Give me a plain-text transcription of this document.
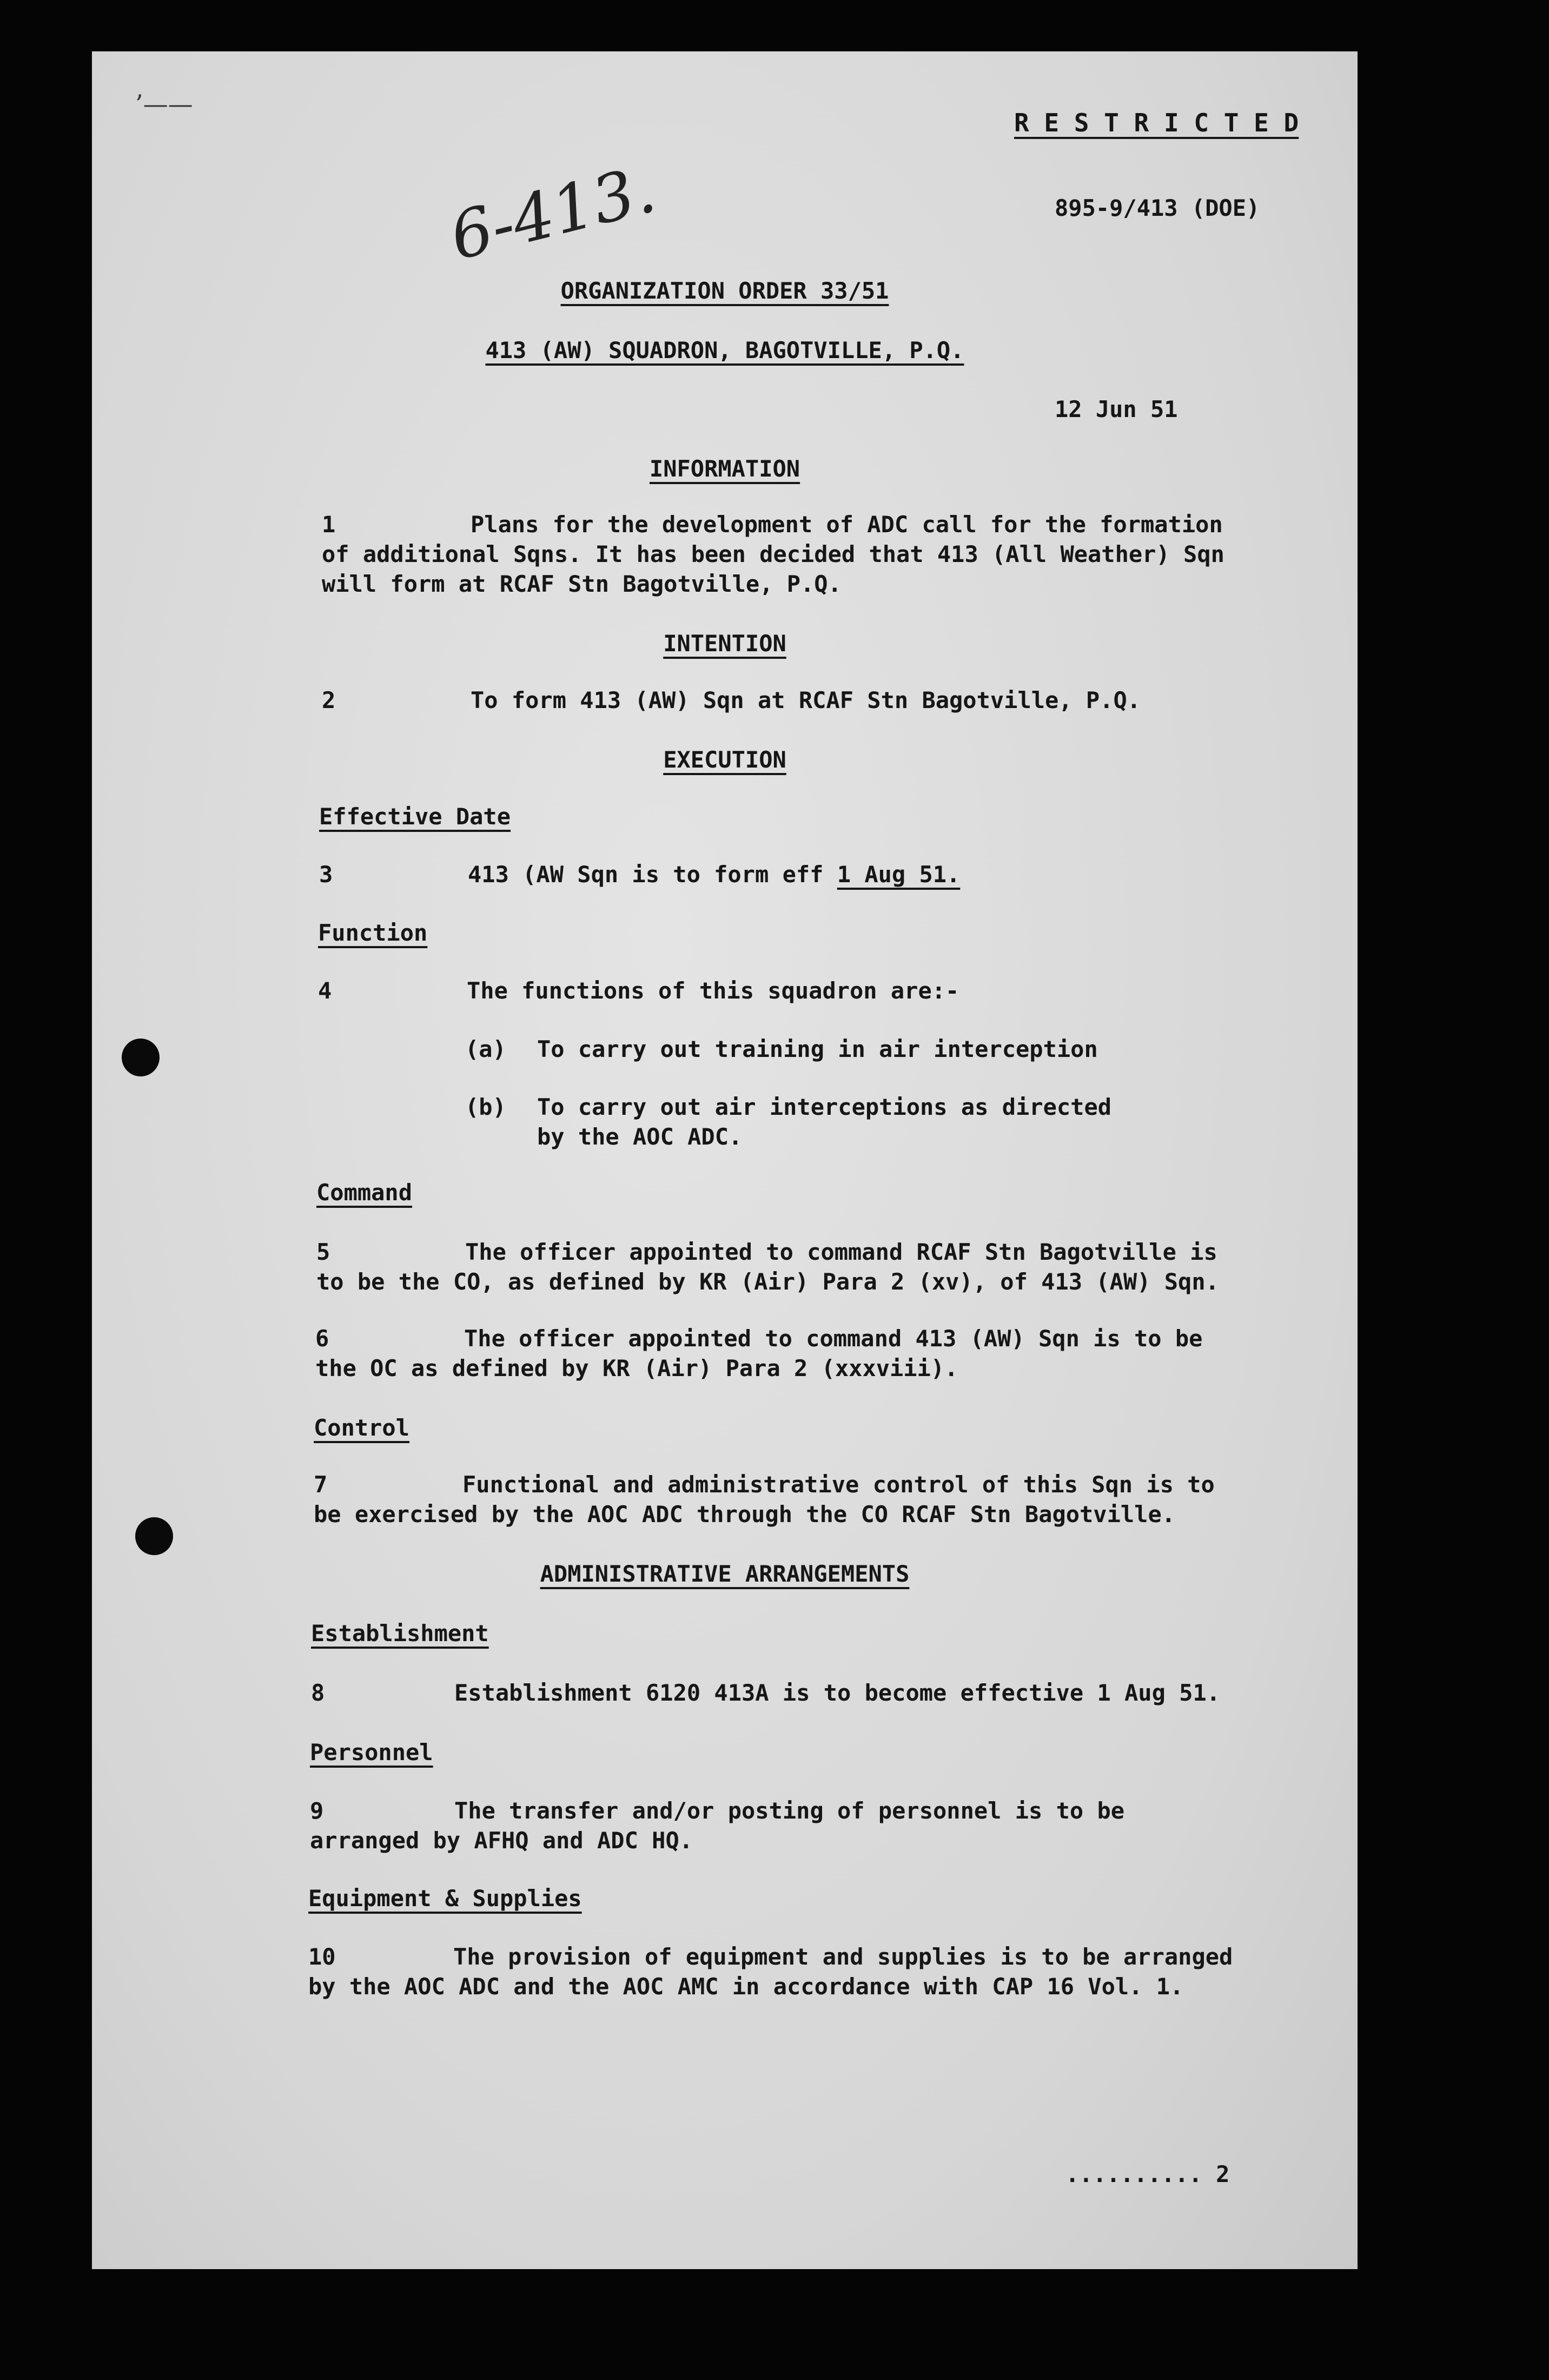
’——
6-413.
R E S T R I C T E D
895-9/413 (DOE)
ORGANIZATION ORDER 33/51
413 (AW) SQUADRON, BAGOTVILLE, P.Q.
12 Jun 51
INFORMATION
1	Plans for the development of ADC call for the formation
of additional Sqns. It has been decided that 413 (All Weather) Sqn
will form at RCAF Stn Bagotville, P.Q.
INTENTION
2	To form 413 (AW) Sqn at RCAF Stn Bagotville, P.Q.
EXECUTION
Effective Date
3	413 (AW Sqn is to form eff 1 Aug 51.
Function
4	The functions of this squadron are:-
(a) To carry out training in air interception
(b) To carry out air interceptions as directed
by the AOC ADC.
Command
5	The officer appointed to command RCAF Stn Bagotville is
to be the CO, as defined by KR (Air) Para 2 (xv), of 413 (AW) Sqn.
6	The officer appointed to command 413 (AW) Sqn is to be
the OC as defined by KR (Air) Para 2 (xxxviii).
Control
7	Functional and administrative control of this Sqn is to
be exercised by the AOC ADC through the CO RCAF Stn Bagotville.
ADMINISTRATIVE ARRANGEMENTS
Establishment
8	Establishment 6120 413A is to become effective 1 Aug 51.
Personnel
9	The transfer and/or posting of personnel is to be
arranged by AFHQ and ADC HQ.
Equipment & Supplies
10	The provision of equipment and supplies is to be arranged
by the AOC ADC and the AOC AMC in accordance with CAP 16 Vol. 1.
.......... 2
